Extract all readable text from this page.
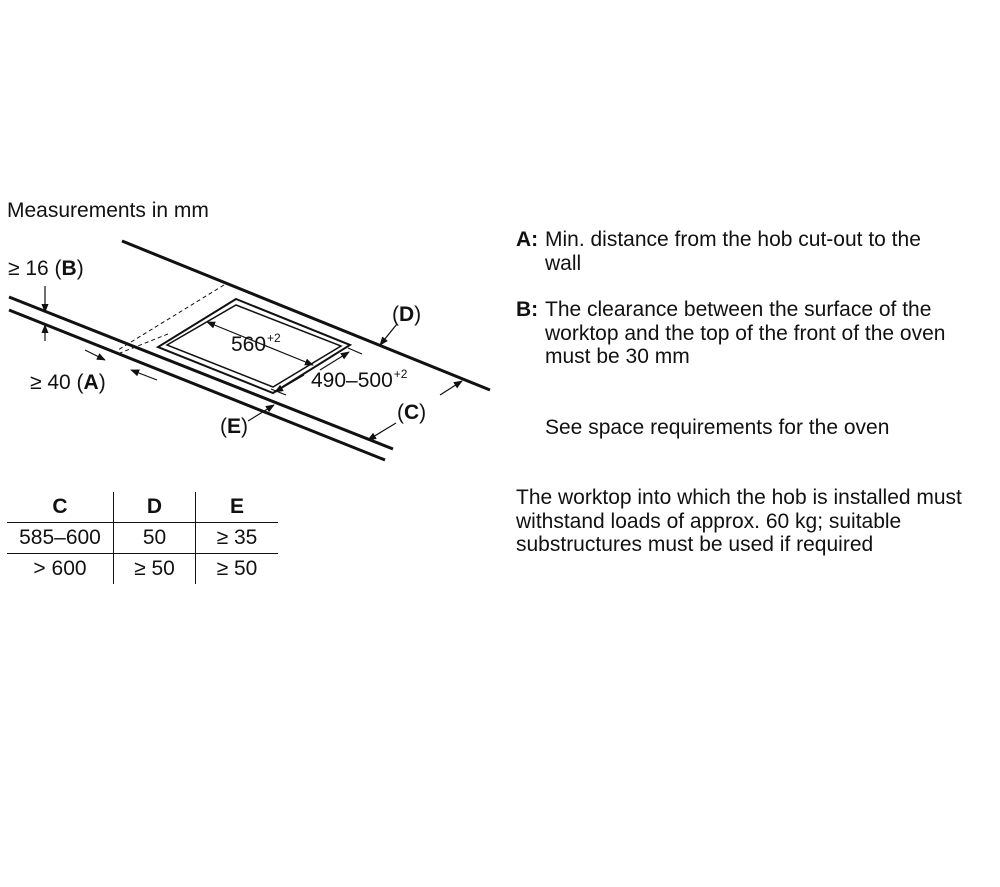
Measurements in mm
≥ 16 (B)
≥ 40 (A)
$560^{+2}$
$490-500^{+2}$
(D)
(C)
(E)
C	D	E
585–600	50	≥ 35
> 600	≥ 50	≥ 50
A: Min. distance from the hob cut-out to the wall
B: The clearance between the surface of the worktop and the top of the front of the oven must be 30 mm
See space requirements for the oven
The worktop into which the hob is installed must withstand loads of approx. 60 kg; suitable substructures must be used if required
